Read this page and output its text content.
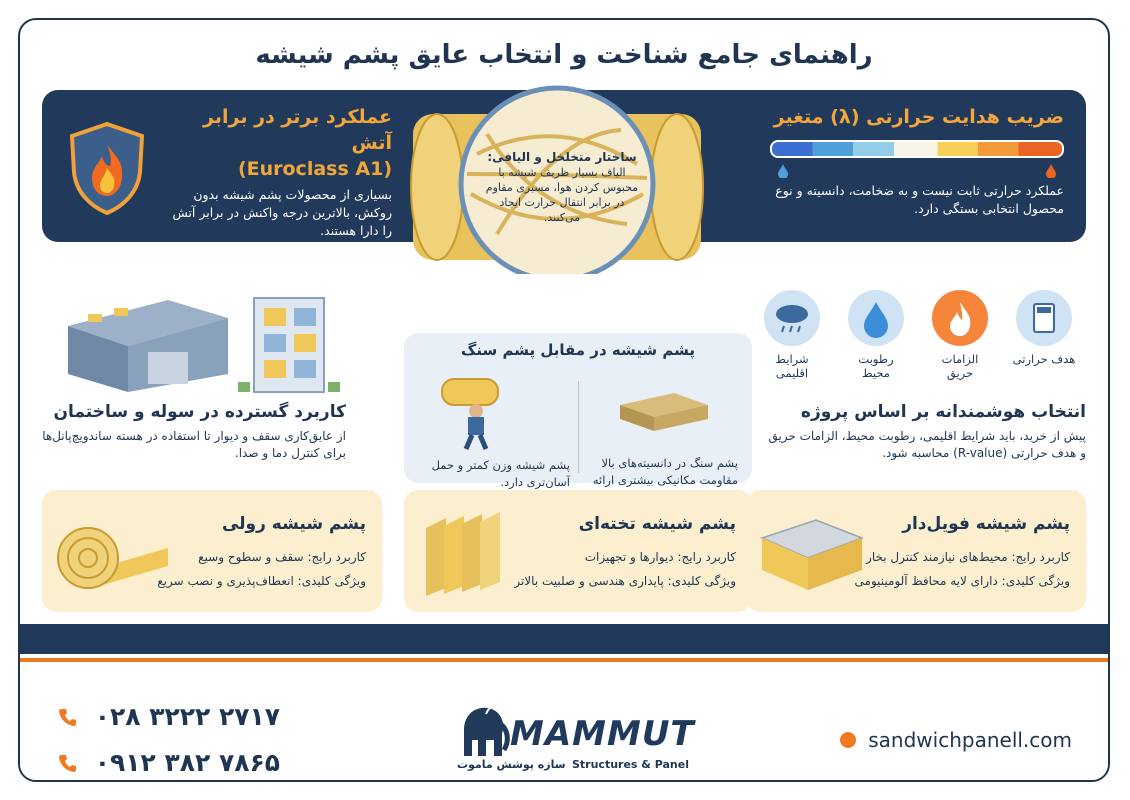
راهنمای جامع شناخت و انتخاب عایق پشم شیشه
عملکرد برتر در برابر آتش
(Euroclass A1)
بسیاری از محصولات پشم شیشه بدون روکش، بالاترین درجه واکنش در برابر آتش را دارا هستند.
ساختار متخلخل و الیافی:
الیاف بسیار ظریف شیشه با محبوس کردن هوا، مسیری مقاوم در برابر انتقال حرارت ایجاد می‌کنند.
ضریب هدایت حرارتی (λ) متغیر
عملکرد حرارتی ثابت نیست و به ضخامت، دانسیته و نوع محصول انتخابی بستگی دارد.
کاربرد گسترده در سوله و ساختمان
از عایق‌کاری سقف و دیوار تا استفاده در هسته ساندویچ‌پانل‌ها برای کنترل دما و صدا.
پشم شیشه در مقابل پشم سنگ
پشم شیشه وزن کمتر و حمل آسان‌تری دارد.
پشم سنگ در دانسیته‌های بالا مقاومت مکانیکی بیشتری ارائه
هدف حرارتی
الزامات حریق
رطوبت محیط
شرایط اقلیمی
انتخاب هوشمندانه بر اساس پروژه
پیش از خرید، باید شرایط اقلیمی، رطوبت محیط، الزامات حریق و هدف حرارتی (R-value) محاسبه شود.
پشم شیشه رولی
کاربرد رایج: سقف و سطوح وسیع
ویژگی کلیدی: انعطاف‌پذیری و نصب سریع
پشم شیشه تخته‌ای
کاربرد رایج: دیوارها و تجهیزات
ویژگی کلیدی: پایداری هندسی و صلبیت بالاتر
پشم شیشه فویل‌دار
کاربرد رایج: محیط‌های نیازمند کنترل بخار
ویژگی کلیدی: دارای لایه محافظ آلومینیومی
۰۲۸ ۳۲۲۲ ۲۷۱۷
۰۹۱۲ ۳۸۲ ۷۸۶۵
MAMMUT
Structures & Panel
سازه پوشش ماموت
sandwichpanell.com
